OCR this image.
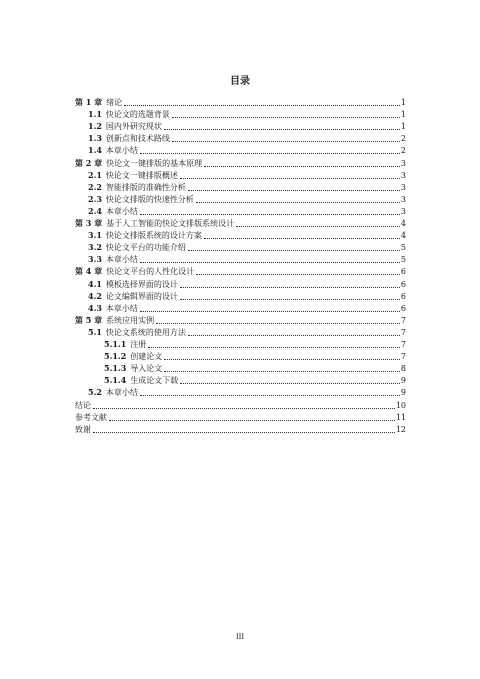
目录
第 1 章 绪论	1
1.1 快论文的选题背景	1
1.2 国内外研究现状	1
1.3 创新点和技术路线	2
1.4 本章小结	2
第 2 章 快论文一键排版的基本原理	3
2.1 快论文一键排版概述	3
2.2 智能排版的准确性分析	3
2.3 快论文排版的快速性分析	3
2.4 本章小结	3
第 3 章 基于人工智能的快论文排版系统设计	4
3.1 快论文排版系统的设计方案	4
3.2 快论文平台的功能介绍	5
3.3 本章小结	5
第 4 章 快论文平台的人性化设计	6
4.1 模板选择界面的设计	6
4.2 论文编辑界面的设计	6
4.3 本章小结	6
第 5 章 系统应用实例	7
5.1 快论文系统的使用方法	7
5.1.1 注册	7
5.1.2 创建论文	7
5.1.3 导入论文	8
5.1.4 生成论文下载	9
5.2 本章小结	9
结论	10
参考文献	11
致谢	12
III
